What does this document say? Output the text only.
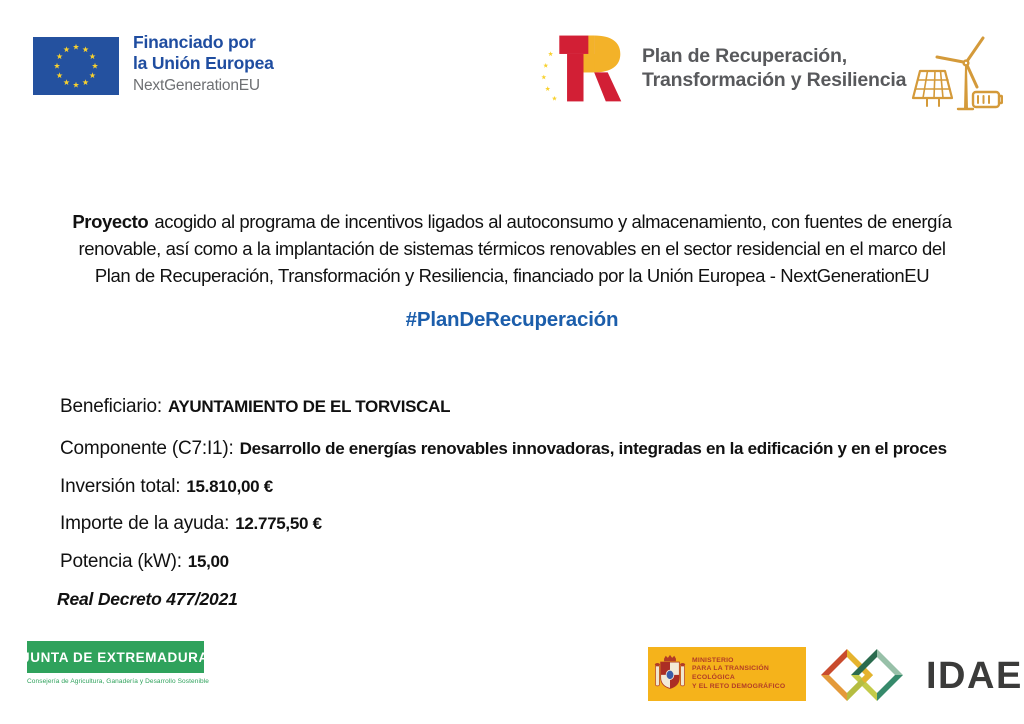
Financiado por
la Unión Europea
NextGenerationEU
Plan de Recuperación,
Transformación y Resiliencia
Proyecto acogido al programa de incentivos ligados al autoconsumo y almacenamiento, con fuentes de energía
renovable, así como a la implantación de sistemas térmicos renovables en el sector residencial en el marco del
Plan de Recuperación, Transformación y Resiliencia, financiado por la Unión Europea - NextGenerationEU
#PlanDeRecuperación
Beneficiario: AYUNTAMIENTO DE EL TORVISCAL
Componente (C7:I1): Desarrollo de energías renovables innovadoras, integradas en la edificación y en el proces
Inversión total: 15.810,00 €
Importe de la ayuda: 12.775,50 €
Potencia (kW): 15,00
Real Decreto 477/2021
JUNTA DE EXTREMADURA
Consejería de Agricultura, Ganadería y Desarrollo Sostenible
MINISTERIO
PARA LA TRANSICIÓN ECOLÓGICA
Y EL RETO DEMOGRÁFICO	IDAE
